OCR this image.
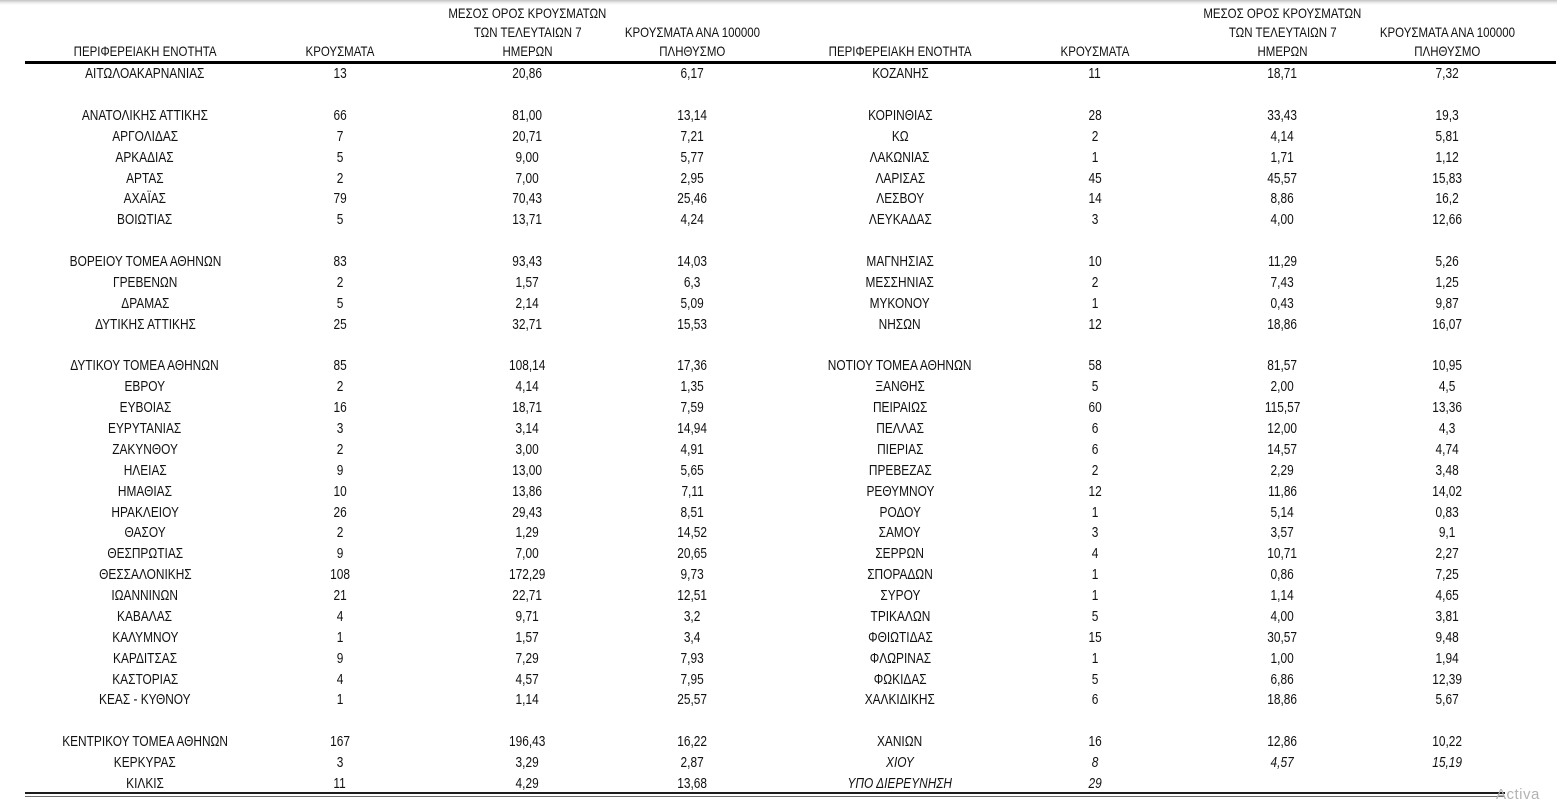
ΠΕΡΙΦΕΡΕΙΑΚΗ ΕΝΟΤΗΤΑ	ΚΡΟΥΣΜΑΤΑ
ΜΕΣΟΣ ΟΡΟΣ ΚΡΟΥΣΜΑΤΩΝ
ΤΩΝ ΤΕΛΕΥΤΑΙΩΝ 7
ΗΜΕΡΩΝ
ΚΡΟΥΣΜΑΤΑ ΑΝΑ 100000
ΠΛΗΘΥΣΜΟ
ΑΙΤΩΛΟΑΚΑΡΝΑΝΙΑΣ	13	20,86	6,17
ΑΝΑΤΟΛΙΚΗΣ ΑΤΤΙΚΗΣ	66	81,00	13,14
ΑΡΓΟΛΙΔΑΣ	7	20,71	7,21
ΑΡΚΑΔΙΑΣ	5	9,00	5,77
ΑΡΤΑΣ	2	7,00	2,95
ΑΧΑΪΑΣ	79	70,43	25,46
ΒΟΙΩΤΙΑΣ	5	13,71	4,24
ΒΟΡΕΙΟΥ ΤΟΜΕΑ ΑΘΗΝΩΝ	83	93,43	14,03
ΓΡΕΒΕΝΩΝ	2	1,57	6,3
ΔΡΑΜΑΣ	5	2,14	5,09
ΔΥΤΙΚΗΣ ΑΤΤΙΚΗΣ	25	32,71	15,53
ΔΥΤΙΚΟΥ ΤΟΜΕΑ ΑΘΗΝΩΝ	85	108,14	17,36
ΕΒΡΟΥ	2	4,14	1,35
ΕΥΒΟΙΑΣ	16	18,71	7,59
ΕΥΡΥΤΑΝΙΑΣ	3	3,14	14,94
ΖΑΚΥΝΘΟΥ	2	3,00	4,91
ΗΛΕΙΑΣ	9	13,00	5,65
ΗΜΑΘΙΑΣ	10	13,86	7,11
ΗΡΑΚΛΕΙΟΥ	26	29,43	8,51
ΘΑΣΟΥ	2	1,29	14,52
ΘΕΣΠΡΩΤΙΑΣ	9	7,00	20,65
ΘΕΣΣΑΛΟΝΙΚΗΣ	108	172,29	9,73
ΙΩΑΝΝΙΝΩΝ	21	22,71	12,51
ΚΑΒΑΛΑΣ	4	9,71	3,2
ΚΑΛΥΜΝΟΥ	1	1,57	3,4
ΚΑΡΔΙΤΣΑΣ	9	7,29	7,93
ΚΑΣΤΟΡΙΑΣ	4	4,57	7,95
ΚΕΑΣ - ΚΥΘΝΟΥ	1	1,14	25,57
ΚΕΝΤΡΙΚΟΥ ΤΟΜΕΑ ΑΘΗΝΩΝ	167	196,43	16,22
ΚΕΡΚΥΡΑΣ	3	3,29	2,87
ΚΙΛΚΙΣ	11	4,29	13,68
ΠΕΡΙΦΕΡΕΙΑΚΗ ΕΝΟΤΗΤΑ	ΚΡΟΥΣΜΑΤΑ
ΜΕΣΟΣ ΟΡΟΣ ΚΡΟΥΣΜΑΤΩΝ
ΤΩΝ ΤΕΛΕΥΤΑΙΩΝ 7
ΗΜΕΡΩΝ
ΚΡΟΥΣΜΑΤΑ ΑΝΑ 100000
ΠΛΗΘΥΣΜΟ
ΚΟΖΑΝΗΣ	11	18,71	7,32
ΚΟΡΙΝΘΙΑΣ	28	33,43	19,3
ΚΩ	2	4,14	5,81
ΛΑΚΩΝΙΑΣ	1	1,71	1,12
ΛΑΡΙΣΑΣ	45	45,57	15,83
ΛΕΣΒΟΥ	14	8,86	16,2
ΛΕΥΚΑΔΑΣ	3	4,00	12,66
ΜΑΓΝΗΣΙΑΣ	10	11,29	5,26
ΜΕΣΣΗΝΙΑΣ	2	7,43	1,25
ΜΥΚΟΝΟΥ	1	0,43	9,87
ΝΗΣΩΝ	12	18,86	16,07
ΝΟΤΙΟΥ ΤΟΜΕΑ ΑΘΗΝΩΝ	58	81,57	10,95
ΞΑΝΘΗΣ	5	2,00	4,5
ΠΕΙΡΑΙΩΣ	60	115,57	13,36
ΠΕΛΛΑΣ	6	12,00	4,3
ΠΙΕΡΙΑΣ	6	14,57	4,74
ΠΡΕΒΕΖΑΣ	2	2,29	3,48
ΡΕΘΥΜΝΟΥ	12	11,86	14,02
ΡΟΔΟΥ	1	5,14	0,83
ΣΑΜΟΥ	3	3,57	9,1
ΣΕΡΡΩΝ	4	10,71	2,27
ΣΠΟΡΑΔΩΝ	1	0,86	7,25
ΣΥΡΟΥ	1	1,14	4,65
ΤΡΙΚΑΛΩΝ	5	4,00	3,81
ΦΘΙΩΤΙΔΑΣ	15	30,57	9,48
ΦΛΩΡΙΝΑΣ	1	1,00	1,94
ΦΩΚΙΔΑΣ	5	6,86	12,39
ΧΑΛΚΙΔΙΚΗΣ	6	18,86	5,67
ΧΑΝΙΩΝ	16	12,86	10,22
ΧΙΟΥ	8	4,57	15,19
ΥΠΟ ΔΙΕΡΕΥΝΗΣΗ	29
Activa
